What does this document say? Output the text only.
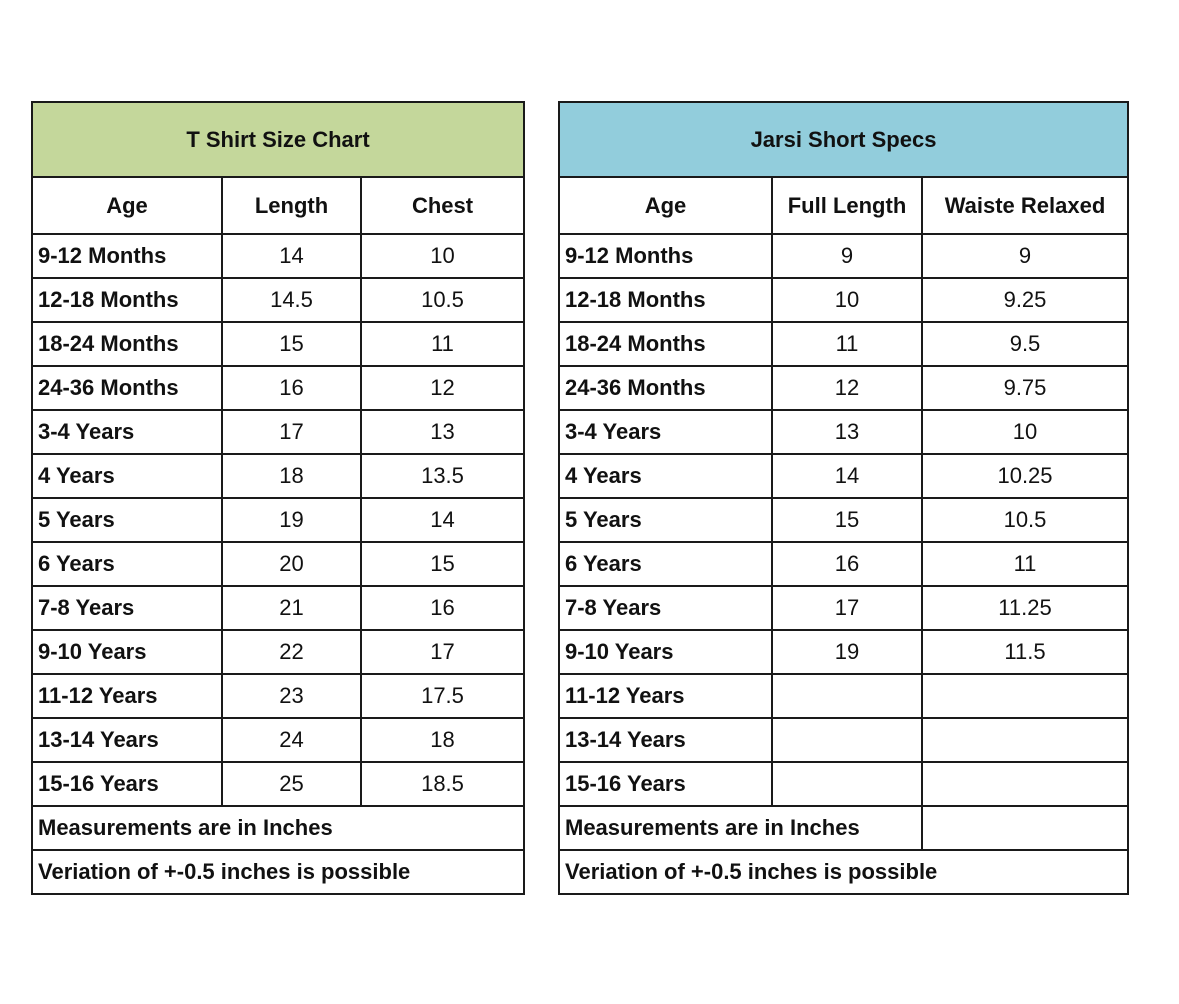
T Shirt Size Chart		
Age	Length	Chest
9-12 Months	14	10
12-18 Months	14.5	10.5
18-24 Months	15	11
24-36 Months	16	12
3-4 Years	17	13
4 Years	18	13.5
5 Years	19	14
6 Years	20	15
7-8 Years	21	16
9-10 Years	22	17
11-12 Years	23	17.5
13-14 Years	24	18
15-16 Years	25	18.5
Measurements are in Inches		
Veriation of +-0.5 inches is possible		
Jarsi Short Specs		
Age	Full Length	Waiste Relaxed
9-12 Months	9	9
12-18 Months	10	9.25
18-24 Months	11	9.5
24-36 Months	12	9.75
3-4 Years	13	10
4 Years	14	10.25
5 Years	15	10.5
6 Years	16	11
7-8 Years	17	11.25
9-10 Years	19	11.5
11-12 Years		
13-14 Years		
15-16 Years		
Measurements are in Inches		
Veriation of +-0.5 inches is possible		
